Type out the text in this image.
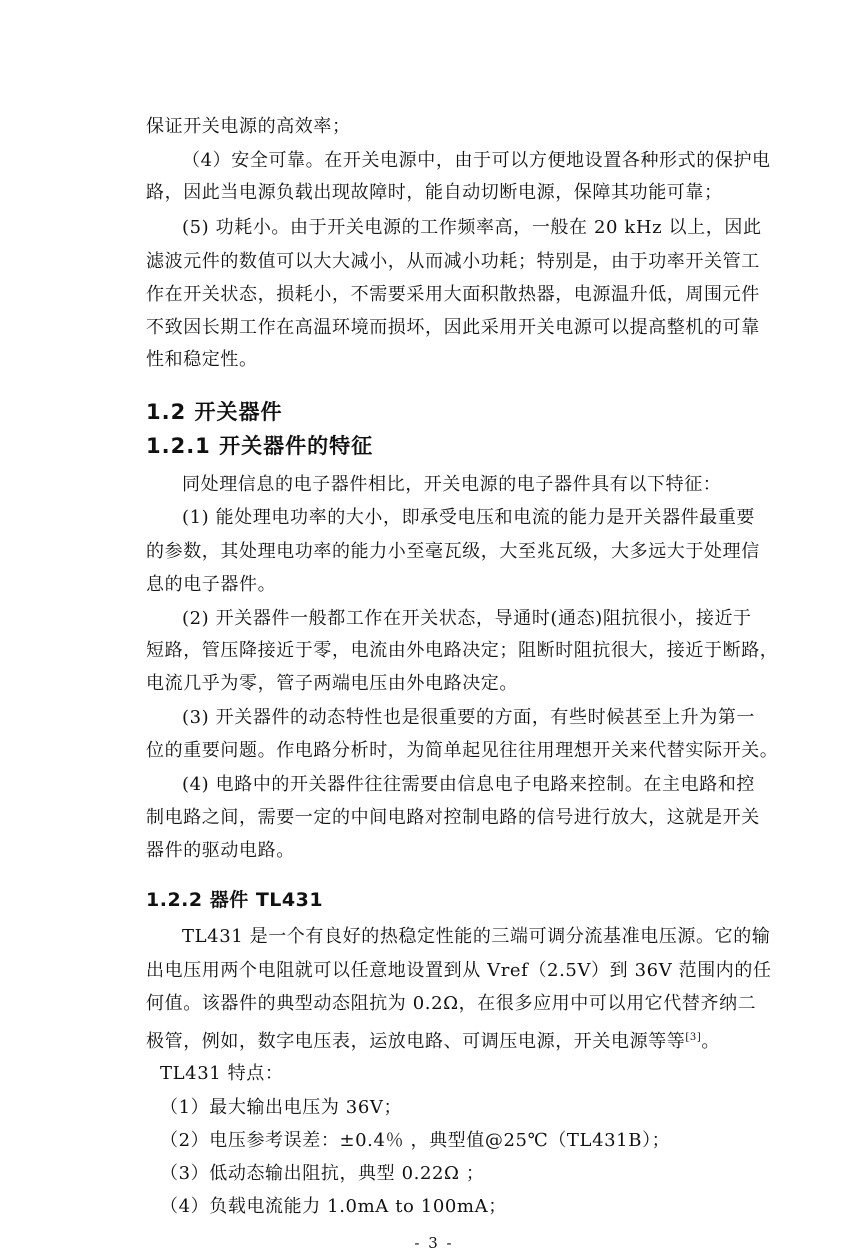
保证开关电源的高效率；
（4）安全可靠。在开关电源中，由于可以方便地设置各种形式的保护电
路，因此当电源负载出现故障时，能自动切断电源，保障其功能可靠；
(5) 功耗小。由于开关电源的工作频率高，一般在 20 kHz 以上，因此
滤波元件的数值可以大大减小，从而减小功耗；特别是，由于功率开关管工
作在开关状态，损耗小，不需要采用大面积散热器，电源温升低，周围元件
不致因长期工作在高温环境而损坏，因此采用开关电源可以提高整机的可靠
性和稳定性。
1.2 开关器件
1.2.1 开关器件的特征
同处理信息的电子器件相比，开关电源的电子器件具有以下特征：
(1) 能处理电功率的大小，即承受电压和电流的能力是开关器件最重要
的参数，其处理电功率的能力小至毫瓦级，大至兆瓦级，大多远大于处理信
息的电子器件。
(2) 开关器件一般都工作在开关状态，导通时(通态)阻抗很小，接近于
短路，管压降接近于零，电流由外电路决定；阻断时阻抗很大，接近于断路，
电流几乎为零，管子两端电压由外电路决定。
(3) 开关器件的动态特性也是很重要的方面，有些时候甚至上升为第一
位的重要问题。作电路分析时，为简单起见往往用理想开关来代替实际开关。
(4) 电路中的开关器件往往需要由信息电子电路来控制。在主电路和控
制电路之间，需要一定的中间电路对控制电路的信号进行放大，这就是开关
器件的驱动电路。
1.2.2 器件 TL431
TL431 是一个有良好的热稳定性能的三端可调分流基准电压源。它的输
出电压用两个电阻就可以任意地设置到从 Vref（2.5V）到 36V 范围内的任
何值。该器件的典型动态阻抗为 0.2Ω，在很多应用中可以用它代替齐纳二
极管，例如，数字电压表，运放电路、可调压电源，开关电源等等[3]。
TL431 特点：
（1）最大输出电压为 36V；
- 3 -
（2）电压参考误差：±0.4％ ，典型值@25℃（TL431B）；
（3）低动态输出阻抗，典型 0.22Ω ；
（4）负载电流能力 1.0mA to 100mA；
